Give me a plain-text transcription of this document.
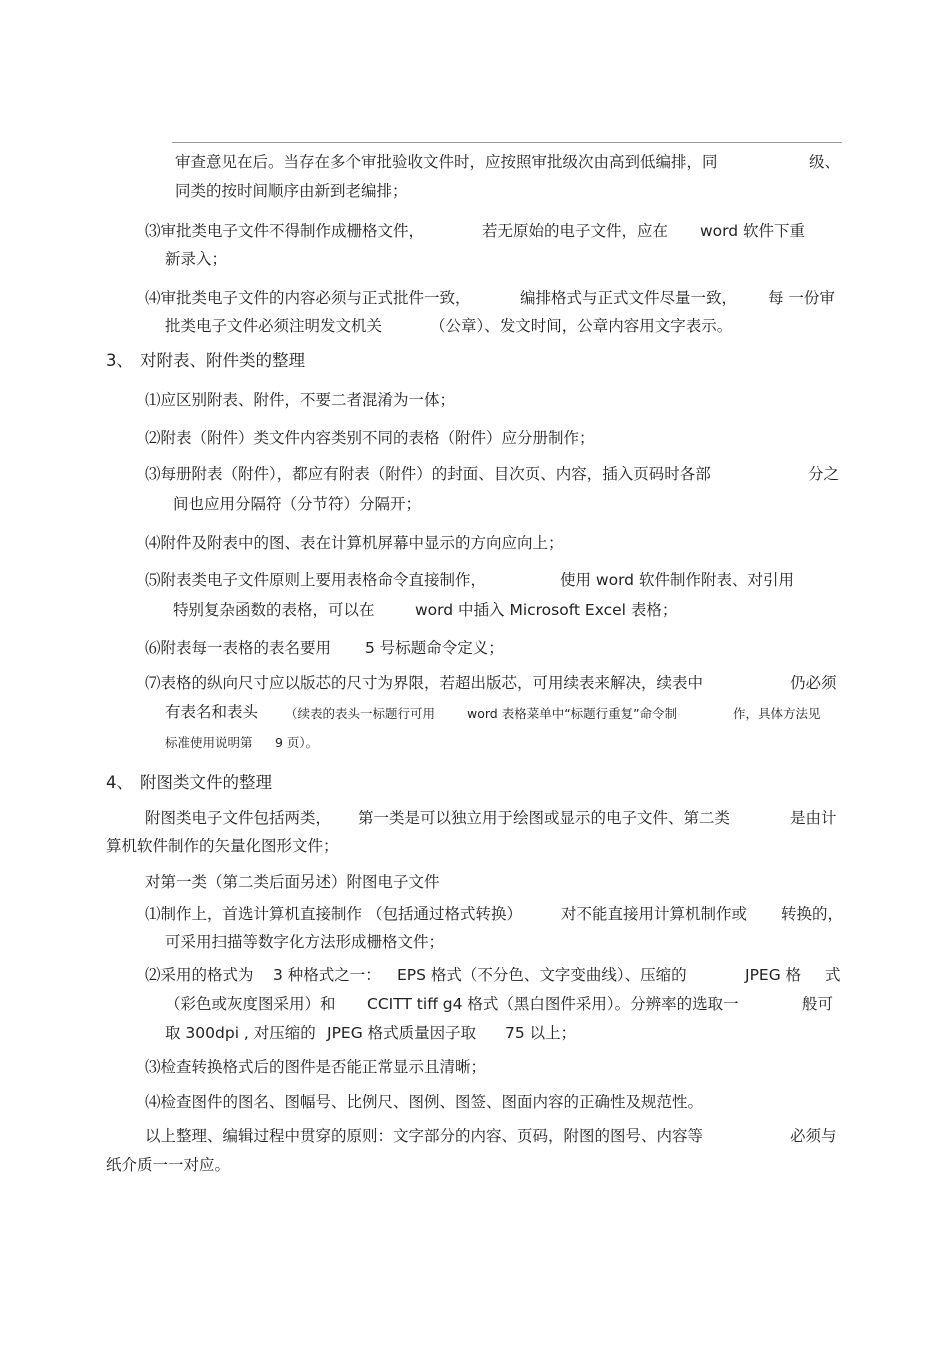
审查意见在后。当存在多个审批验收文件时，应按照审批级次由高到低编排，同	级、
同类的按时间顺序由新到老编排；
⑶审批类电子文件不得制作成栅格文件，	若无原始的电子文件，应在 word 软件下重
新录入；
⑷审批类电子文件的内容必须与正式批件一致，	编排格式与正式文件尽量一致， 每 一份审
批类电子文件必须注明发文机关	（公章）、发文时间，公章内容用文字表示。
3、 对附表、附件类的整理
⑴应区别附表、附件，不要二者混淆为一体；
⑵附表（附件）类文件内容类别不同的表格（附件）应分册制作；
⑶每册附表（附件），都应有附表（附件）的封面、目次页、内容，插入页码时各部	分之
间也应用分隔符（分节符）分隔开；
⑷附件及附表中的图、表在计算机屏幕中显示的方向应向上；
⑸附表类电子文件原则上要用表格命令直接制作，	使用 word 软件制作附表、对引用
特别复杂函数的表格，可以在	word 中插入 Microsoft Excel 表格；
⑹附表每一表格的表名要用 5 号标题命令定义；
⑺表格的纵向尺寸应以版芯的尺寸为界限，若超出版芯，可用续表来解决，续表中	仍必须
有表名和表头 （续表的表头一标题行可用	word 表格菜单中“标题行重复”命令制	作，具体方法见
标准使用说明第 9 页）。
4、 附图类文件的整理
附图类电子文件包括两类， 第一类是可以独立用于绘图或显示的电子文件、第二类	是由计
算机软件制作的矢量化图形文件；
对第一类（第二类后面另述）附图电子文件
⑴制作上，首选计算机直接制作 （包括通过格式转换）	对不能直接用计算机制作或 转换的，
可采用扫描等数字化方法形成栅格文件；
⑵采用的格式为 3 种格式之一： EPS 格式（不分色、文字变曲线）、压缩的	JPEG 格 式
（彩色或灰度图采用）和 CCITT tiff g4 格式（黑白图件采用）。分辨率的选取一	般可
取 300dpi , 对压缩的 JPEG 格式质量因子取 75 以上；
⑶检查转换格式后的图件是否能正常显示且清晰；
⑷检查图件的图名、图幅号、比例尺、图例、图签、图面内容的正确性及规范性。
以上整理、编辑过程中贯穿的原则：文字部分的内容、页码，附图的图号、内容等	必须与
纸介质一一对应。
